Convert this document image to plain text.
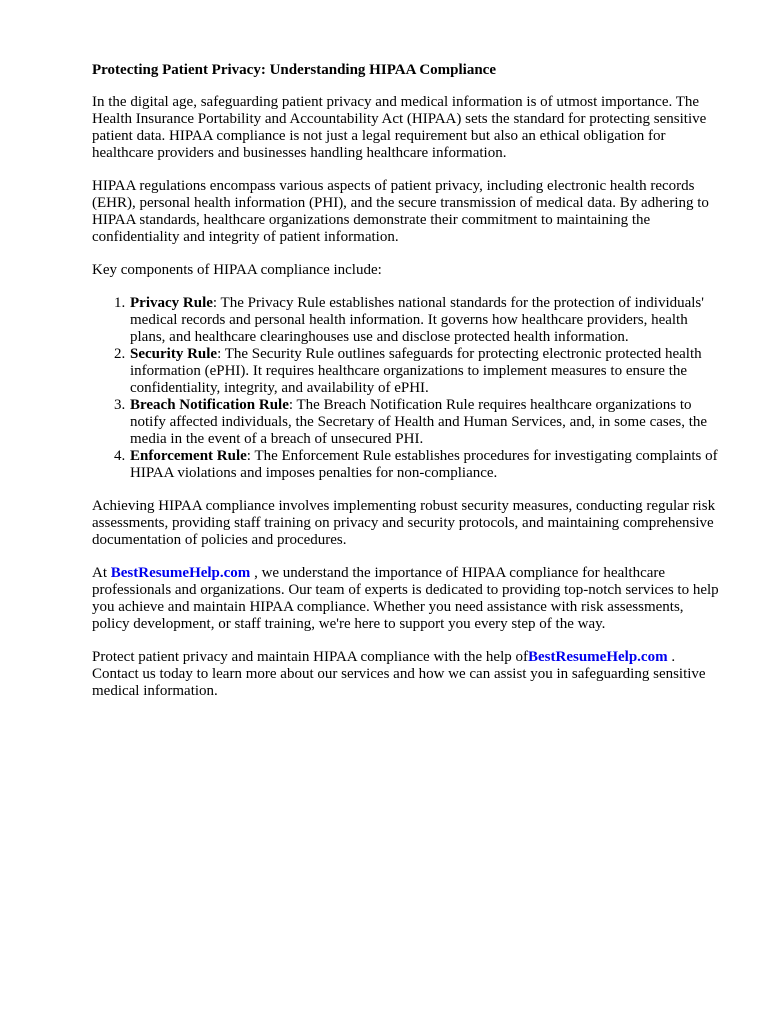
Protecting Patient Privacy: Understanding HIPAA Compliance

In the digital age, safeguarding patient privacy and medical information is of utmost importance. The Health Insurance Portability and Accountability Act (HIPAA) sets the standard for protecting sensitive patient data. HIPAA compliance is not just a legal requirement but also an ethical obligation for healthcare providers and businesses handling healthcare information.

HIPAA regulations encompass various aspects of patient privacy, including electronic health records (EHR), personal health information (PHI), and the secure transmission of medical data. By adhering to HIPAA standards, healthcare organizations demonstrate their commitment to maintaining the confidentiality and integrity of patient information.

Key components of HIPAA compliance include:

1. Privacy Rule: The Privacy Rule establishes national standards for the protection of individuals' medical records and personal health information. It governs how healthcare providers, health plans, and healthcare clearinghouses use and disclose protected health information.
2. Security Rule: The Security Rule outlines safeguards for protecting electronic protected health information (ePHI). It requires healthcare organizations to implement measures to ensure the confidentiality, integrity, and availability of ePHI.
3. Breach Notification Rule: The Breach Notification Rule requires healthcare organizations to notify affected individuals, the Secretary of Health and Human Services, and, in some cases, the media in the event of a breach of unsecured PHI.
4. Enforcement Rule: The Enforcement Rule establishes procedures for investigating complaints of HIPAA violations and imposes penalties for non-compliance.

Achieving HIPAA compliance involves implementing robust security measures, conducting regular risk assessments, providing staff training on privacy and security protocols, and maintaining comprehensive documentation of policies and procedures.

At BestResumeHelp.com , we understand the importance of HIPAA compliance for healthcare professionals and organizations. Our team of experts is dedicated to providing top-notch services to help you achieve and maintain HIPAA compliance. Whether you need assistance with risk assessments, policy development, or staff training, we're here to support you every step of the way.

Protect patient privacy and maintain HIPAA compliance with the help ofBestResumeHelp.com . Contact us today to learn more about our services and how we can assist you in safeguarding sensitive medical information.
